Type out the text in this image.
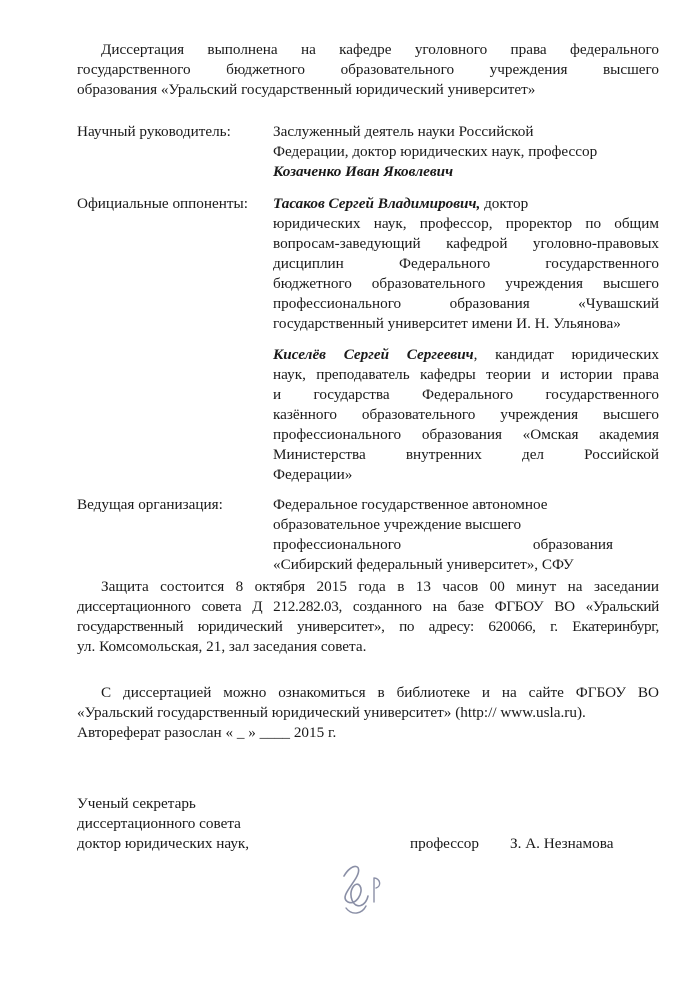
Диссертация выполнена на кафедре уголовного права федерального
государственного бюджетного образовательного учреждения высшего
образования «Уральский государственный юридический университет»
Научный руководитель:	Заслуженный деятель науки Российской
Федерации, доктор юридических наук, профессор
Козаченко Иван Яковлевич
Официальные оппоненты: Тасаков Сергей Владимирович, доктор
юридических наук, профессор, проректор по общим
вопросам-заведующий кафедрой уголовно-правовых
дисциплин Федерального государственного
бюджетного образовательного учреждения высшего
профессионального образования «Чувашский
государственный университет имени И. Н. Ульянова»
Киселёв Сергей Сергеевич, кандидат юридических
наук, преподаватель кафедры теории и истории права
и государства Федерального государственного
казённого образовательного учреждения высшего
профессионального образования «Омская академия
Министерства внутренних дел Российской
Федерации»
Ведущая организация:	Федеральное государственное автономное
образовательное учреждение высшего
профессионального образования
«Сибирский федеральный университет», СФУ
Защита состоится 8 октября 2015 года в 13 часов 00 минут на заседании
диссертационного совета Д 212.282.03, созданного на базе ФГБОУ ВО «Уральский
государственный юридический университет», по адресу: 620066, г. Екатеринбург,
ул. Комсомольская, 21, зал заседания совета.
С диссертацией можно ознакомиться в библиотеке и на сайте ФГБОУ ВО
«Уральский государственный юридический университет» (http:// www.usla.ru).
Автореферат разослан « _ » ____ 2015 г.
Ученый секретарь
диссертационного совета
доктор юридических наук,	профессор З. А. Незнамова
